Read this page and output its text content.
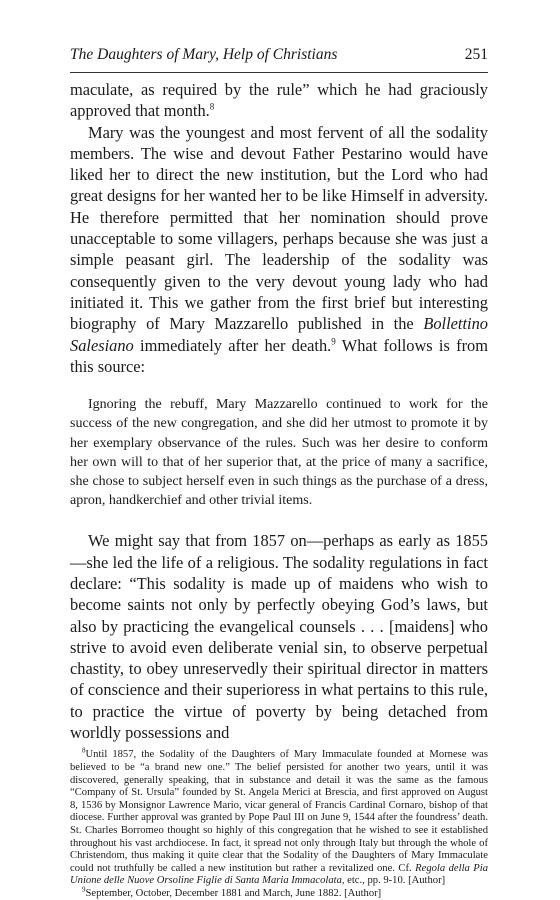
The Daughters of Mary, Help of Christians	251

maculate, as required by the rule” which he had graciously approved that month.$^8$

Mary was the youngest and most fervent of all the sodality members. The wise and devout Father Pestarino would have liked her to direct the new institution, but the Lord who had great designs for her wanted her to be like Himself in adversity. He therefore permitted that her nomination should prove unacceptable to some villagers, perhaps because she was just a simple peasant girl. The leadership of the sodality was consequently given to the very devout young lady who had initiated it. This we gather from the first brief but interesting biography of Mary Mazzarello published in the Bollettino Salesiano immediately after her death.$^9$ What follows is from this source:

Ignoring the rebuff, Mary Mazzarello continued to work for the success of the new congregation, and she did her utmost to promote it by her exemplary observance of the rules. Such was her desire to conform her own will to that of her superior that, at the price of many a sacrifice, she chose to subject herself even in such things as the purchase of a dress, apron, handkerchief and other trivial items.

We might say that from 1857 on—perhaps as early as 1855—she led the life of a religious. The sodality regulations in fact declare: “This sodality is made up of maidens who wish to become saints not only by perfectly obeying God’s laws, but also by practicing the evangelical counsels . . . [maidens] who strive to avoid even deliberate venial sin, to observe perpetual chastity, to obey unreservedly their spiritual director in matters of conscience and their superioress in what pertains to this rule, to practice the virtue of poverty by being detached from worldly possessions and

$^8$Until 1857, the Sodality of the Daughters of Mary Immaculate founded at Mornese was believed to be “a brand new one.” The belief persisted for another two years, until it was discovered, generally speaking, that in substance and detail it was the same as the famous “Company of St. Ursula” founded by St. Angela Merici at Brescia, and first approved on August 8, 1536 by Monsignor Lawrence Mario, vicar general of Francis Cardinal Cornaro, bishop of that diocese. Further approval was granted by Pope Paul III on June 9, 1544 after the foundress’ death. St. Charles Borromeo thought so highly of this congregation that he wished to see it established throughout his vast archdiocese. In fact, it spread not only through Italy but through the whole of Christendom, thus making it quite clear that the Sodality of the Daughters of Mary Immaculate could not truthfully be called a new institution but rather a revitalized one. Cf. Regola della Pia Unione delle Nuove Orsoline Figlie di Santa Maria Immacolata, etc., pp. 9-10. [Author]

$^9$September, October, December 1881 and March, June 1882. [Author]
